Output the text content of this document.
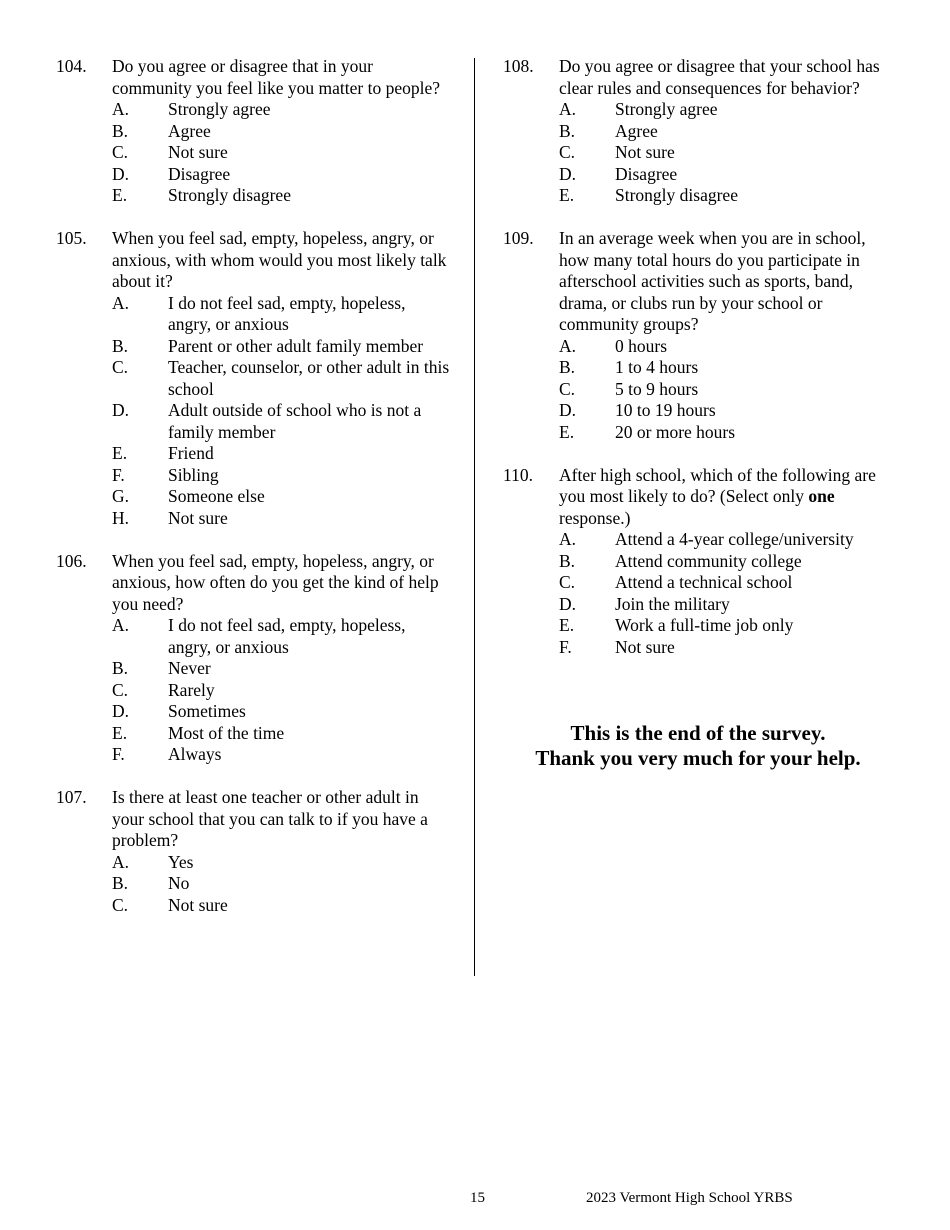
104.	Do you agree or disagree that in your community you feel like you matter to people?
A.	Strongly agree
B.	Agree
C.	Not sure
D.	Disagree
E.	Strongly disagree
105.	When you feel sad, empty, hopeless, angry, or anxious, with whom would you most likely talk about it?
A.	I do not feel sad, empty, hopeless, angry, or anxious
B.	Parent or other adult family member
C.	Teacher, counselor, or other adult in this school
D.	Adult outside of school who is not a family member
E.	Friend
F.	Sibling
G.	Someone else
H.	Not sure
106.	When you feel sad, empty, hopeless, angry, or anxious, how often do you get the kind of help you need?
A.	I do not feel sad, empty, hopeless, angry, or anxious
B.	Never
C.	Rarely
D.	Sometimes
E.	Most of the time
F.	Always
107.	Is there at least one teacher or other adult in your school that you can talk to if you have a problem?
A.	Yes
B.	No
C.	Not sure
108.	Do you agree or disagree that your school has clear rules and consequences for behavior?
A.	Strongly agree
B.	Agree
C.	Not sure
D.	Disagree
E.	Strongly disagree
109.	In an average week when you are in school, how many total hours do you participate in afterschool activities such as sports, band, drama, or clubs run by your school or community groups?
A.	0 hours
B.	1 to 4 hours
C.	5 to 9 hours
D.	10 to 19 hours
E.	20 or more hours
110.	After high school, which of the following are you most likely to do? (Select only one response.)
A.	Attend a 4-year college/university
B.	Attend community college
C.	Attend a technical school
D.	Join the military
E.	Work a full-time job only
F.	Not sure
This is the end of the survey.
Thank you very much for your help.
15	2023 Vermont High School YRBS
